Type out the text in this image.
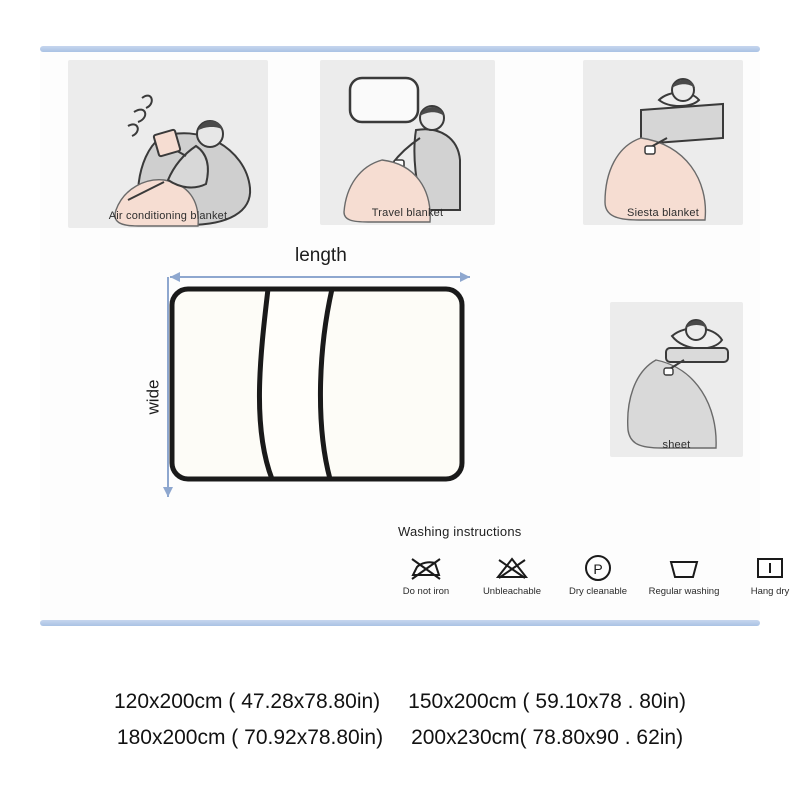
Air conditioning blanket	Travel blanket	Siesta blanket
sheet
length
wide
Washing instructions
Do not iron	Unbleachable
P
Dry cleanable	Regular washing	Hang dry
120x200cm ( 47.28x78.80in) 150x200cm ( 59.10x78 . 80in)
180x200cm ( 70.92x78.80in) 200x230cm( 78.80x90 . 62in)
